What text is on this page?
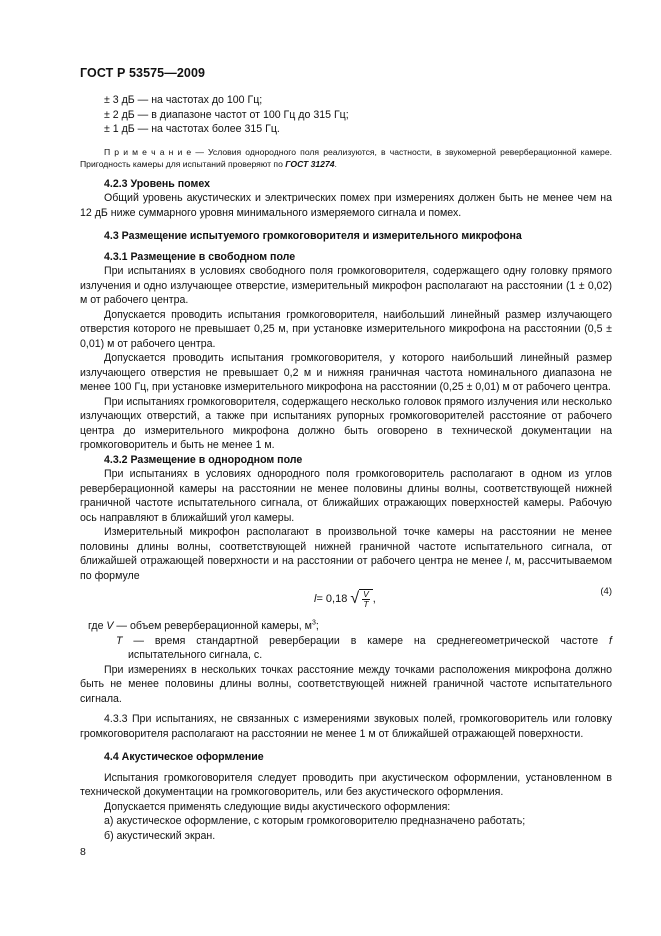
ГОСТ Р 53575—2009

± 3 дБ — на частотах до 100 Гц;

± 2 дБ — в диапазоне частот от 100 Гц до 315 Гц;

± 1 дБ — на частотах более 315 Гц.

П р и м е ч а н и е — Условия однородного поля реализуются, в частности, в звукомерной реверберационной камере. Пригодность камеры для испытаний проверяют по ГОСТ 31274.

4.2.3 Уровень помех

Общий уровень акустических и электрических помех при измерениях должен быть не менее чем на 12 дБ ниже суммарного уровня минимального измеряемого сигнала и помех.

4.3 Размещение испытуемого громкоговорителя и измерительного микрофона

4.3.1 Размещение в свободном поле

При испытаниях в условиях свободного поля громкоговорителя, содержащего одну головку прямого излучения и одно излучающее отверстие, измерительный микрофон располагают на расстоянии (1 ± 0,02) м от рабочего центра.

Допускается проводить испытания громкоговорителя, наибольший линейный размер излучающего отверстия которого не превышает 0,25 м, при установке измерительного микрофона на расстоянии (0,5 ± 0,01) м от рабочего центра.

Допускается проводить испытания громкоговорителя, у которого наибольший линейный размер излучающего отверстия не превышает 0,2 м и нижняя граничная частота номинального диапазона не менее 100 Гц, при установке измерительного микрофона на расстоянии (0,25 ± 0,01) м от рабочего центра.

При испытаниях громкоговорителя, содержащего несколько головок прямого излучения или несколько излучающих отверстий, а также при испытаниях рупорных громкоговорителей расстояние от рабочего центра до измерительного микрофона должно быть оговорено в технической документации на громкоговоритель и быть не менее 1 м.

4.3.2 Размещение в однородном поле

При испытаниях в условиях однородного поля громкоговоритель располагают в одном из углов реверберационной камеры на расстоянии не менее половины длины волны, соответствующей нижней граничной частоте испытательного сигнала, от ближайших отражающих поверхностей камеры. Рабочую ось направляют в ближайший угол камеры.

Измерительный микрофон располагают в произвольной точке камеры на расстоянии не менее половины длины волны, соответствующей нижней граничной частоте испытательного сигнала, от ближайшей отражающей поверхности и на расстоянии от рабочего центра не менее l, м, рассчитываемом по формуле

l = 0,18 √ $\frac{V}{T}$ ,
(4)

где V — объем реверберационной камеры, $м^3$;

T — время стандартной реверберации в камере на среднегеометрической частоте f испытательного сигнала, с.

При измерениях в нескольких точках расстояние между точками расположения микрофона должно быть не менее половины длины волны, соответствующей нижней граничной частоте испытательного сигнала.

4.3.3 При испытаниях, не связанных с измерениями звуковых полей, громкоговоритель или головку громкоговорителя располагают на расстоянии не менее 1 м от ближайшей отражающей поверхности.

4.4 Акустическое оформление

Испытания громкоговорителя следует проводить при акустическом оформлении, установленном в технической документации на громкоговоритель, или без акустического оформления.

Допускается применять следующие виды акустического оформления:

а) акустическое оформление, с которым громкоговорителю предназначено работать;

б) акустический экран.

8
